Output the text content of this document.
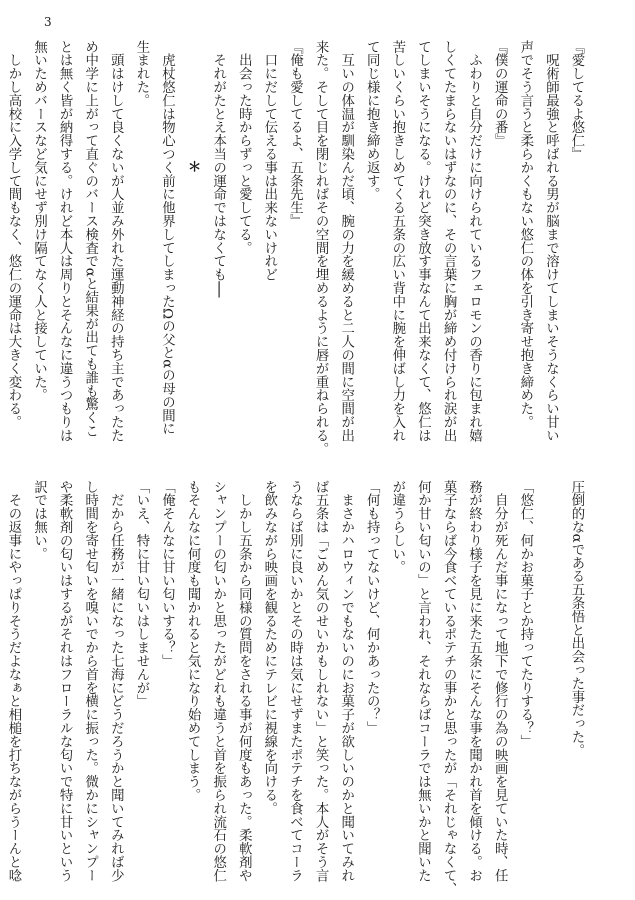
3

『愛してるよ悠仁』

　呪術師最強と呼ばれる男が脳まで溶けてしまいそうなくらい甘い

声でそう言うと柔らかくもない悠仁の体を引き寄せ抱き締めた。

『僕の運命の番』

　ふわりと自分だけに向けられているフェロモンの香りに包まれ嬉

しくてたまらないはずなのに、その言葉に胸が締め付けられ涙が出

てしまいそうになる。けれど突き放す事なんて出来なくて、悠仁は

苦しいくらい抱きしめてくる五条の広い背中に腕を伸ばし力を入れ

て同じ様に抱き締め返す。

　互いの体温が馴染んだ頃、腕の力を緩めると二人の間に空間が出

来た。そして目を閉じればその空間を埋めるように唇が重ねられる。

『俺も愛してるよ、五条先生』

　口にだして伝える事は出来ないけれど

　出会った時からずっと愛してる。

　それがたとえ本当の運命ではなくても──

＊

　虎杖悠仁は物心つく前に他界してしまったΩの父とαの母の間に

生まれた。

　頭はけして良くないが人並み外れた運動神経の持ち主であったた

め中学に上がって直ぐのバース検査でαと結果が出ても誰も驚くこ

とは無く皆が納得する。けれど本人は周りとそんなに違うつもりは

無いためバースなど気にせず別け隔てなく人と接していた。

　しかし高校に入学して間もなく、悠仁の運命は大きく変わる。

圧倒的なαである五条悟と出会った事だった。

「悠仁、何かお菓子とか持ってたりする？」

　自分が死んだ事になって地下で修行の為の映画を見ていた時、任

務が終わり様子を見に来た五条にそんな事を聞かれ首を傾ける。お

菓子ならば今食べているポテチの事かと思ったが「それじゃなくて、

何か甘い匂いの」と言われ、それならばコーラでは無いかと聞いた

が違うらしい。

「何も持ってないけど、何かあったの？」

　まさかハロウィンでもないのにお菓子が欲しいのかと聞いてみれ

ば五条は「ごめん気のせいかもしれない」と笑った。本人がそう言

うならば別に良いかとその時は気にせずまたポテチを食べてコーラ

を飲みながら映画を観るためにテレビに視線を向ける。

　しかし五条から同様の質問をされる事が何度もあった。柔軟剤や

シャンプーの匂いかと思ったがどれも違うと首を振られ流石の悠仁

もそんなに何度も聞かれると気になり始めてしまう。

「俺そんなに甘い匂いする？」

「いえ、特に甘い匂いはしませんが」

　だから任務が一緒になった七海にどうだろうかと聞いてみれば少

し時間を寄せ匂いを嗅いでから首を横に振った。微かにシャンプー

や柔軟剤の匂いはするがそれはフローラルな匂いで特に甘いという

訳では無い。

　その返事にやっぱりそうだよなぁと相槌を打ちながらうーんと唸
